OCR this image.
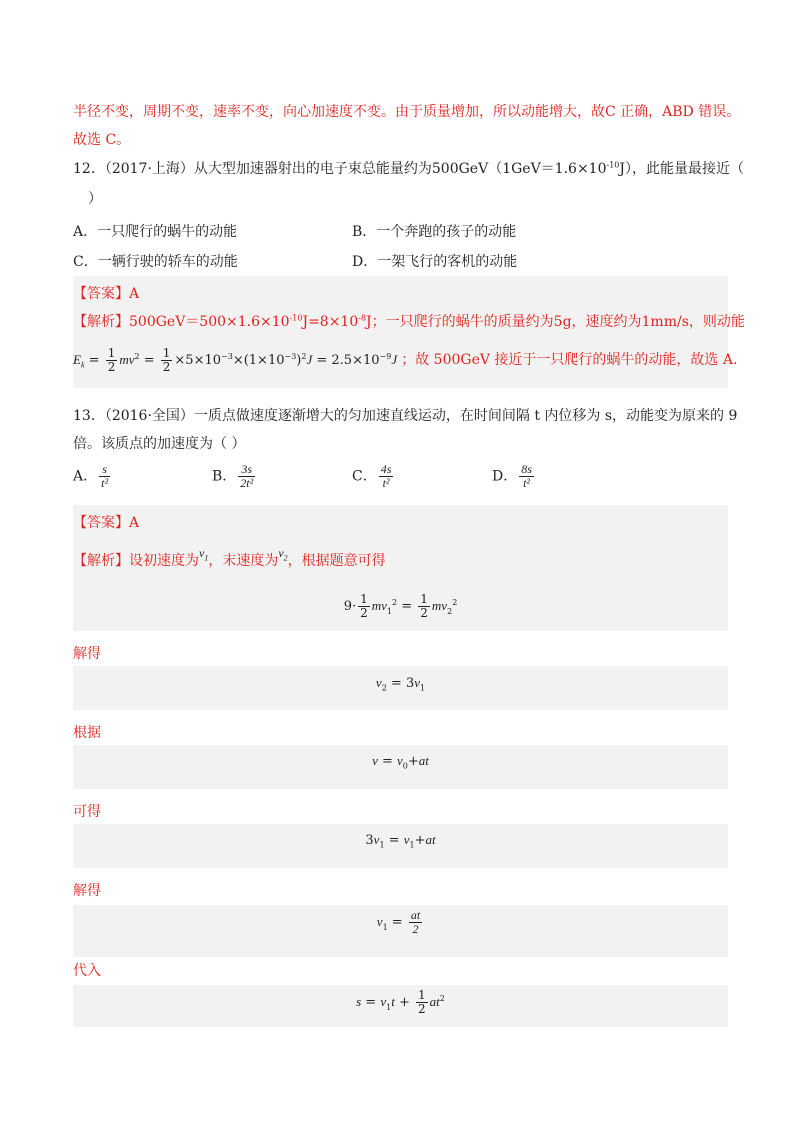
半径不变，周期不变，速率不变，向心加速度不变。由于质量增加，所以动能增大，故C 正确，ABD 错误。
故选 C。
12．（2017·上海）从大型加速器射出的电子束总能量约为$500GeV(1GeV=1.6\times 10^{-10}J)$，此能量最接近（
）
A．一只爬行的蜗牛的动能	B．一个奔跑的孩子的动能
C．一辆行驶的轿车的动能	D．一架飞行的客机的动能
【答案】A
【解析】$500GeV=500\times 1.6\times 10^{-10}J=8\times 10^{-8}J$；一只爬行的蜗牛的质量约为5g，速度约为1mm/s，则动能
$E_k = \frac{1}{2} mv^2 = \frac{1}{2} \times 5\times 10^{-3}\times(1\times 10^{-3})^2J = 2.5\times 10^{-9}J$ ；故 500GeV 接近于一只爬行的蜗牛的动能，故选 A.
13．（2016·全国）一质点做速度逐渐增大的匀加速直线运动，在时间间隔 t 内位移为 s，动能变为原来的 9
倍。该质点的加速度为（ ）
A． $\frac{s}{\text{t²}}$	B． $\frac{3s}{\text{2t²}}$	C． $\frac{4s}{\text{t²}}$	D． $\frac{8s}{\text{t²}}$
【答案】A
【解析】设初速度为$v_1$，末速度为$v_2$，根据题意可得
$9\cdot \frac{1}{2} mv_1^2 = \frac{1}{2} mv_2^2$
解得
$v_2 = 3v_1$
根据
$v = v_0+at$
可得
$3v_1 = v_1+at$
解得
$v_1 = \frac{at}{2}$
代入
$s = v_1t + \frac{1}{2} at^2$
